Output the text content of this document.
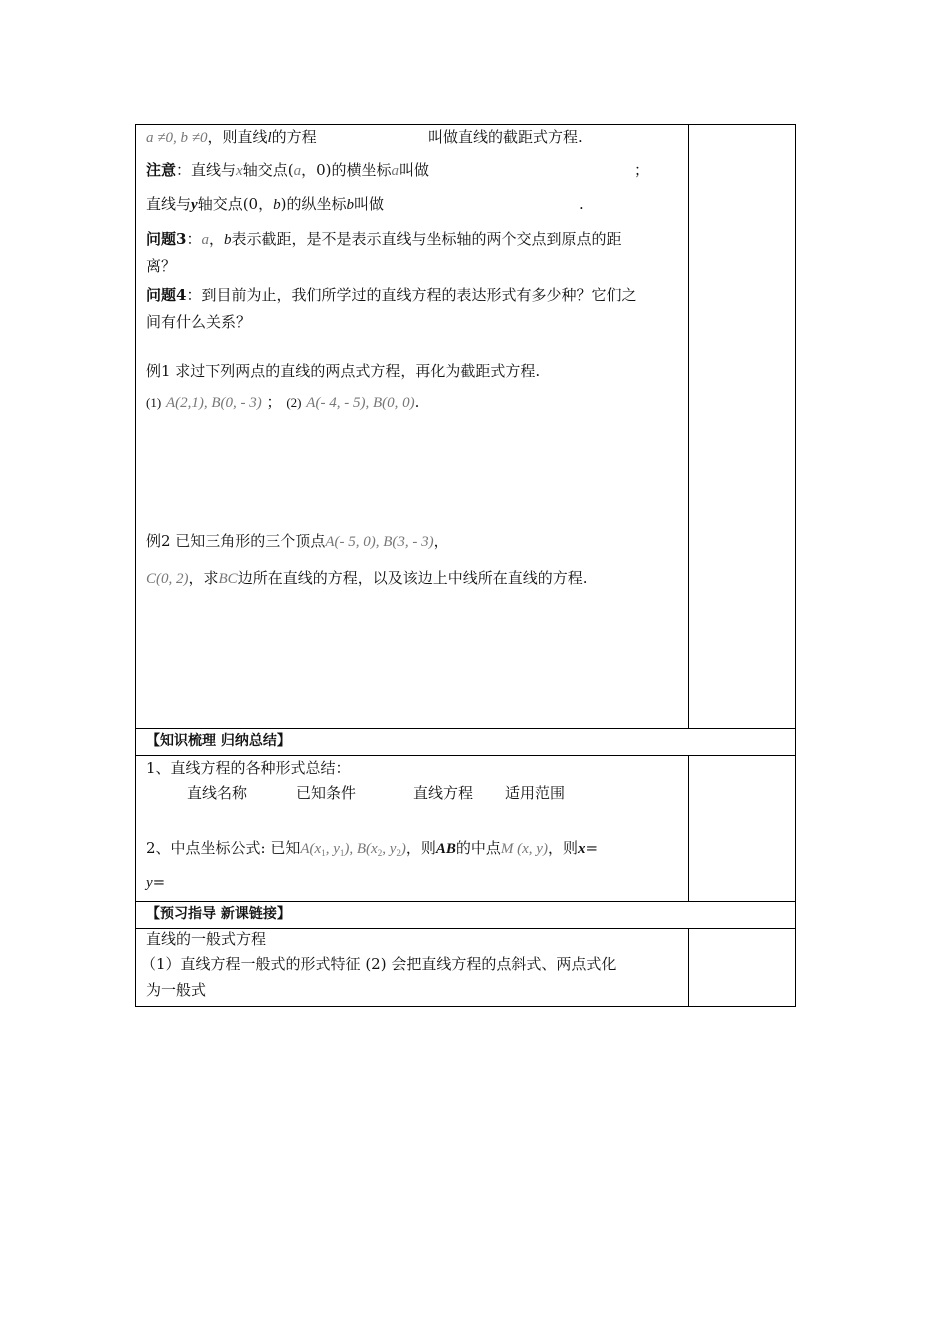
a ≠0, b ≠0，则直线l的方程	叫做直线的截距式方程.
注意：直线与x轴交点(a，0)的横坐标a叫做	；
直线与y轴交点(0，b)的纵坐标b叫做	.
问题3：a，b表示截距，是不是表示直线与坐标轴的两个交点到原点的距
离？
问题4：到目前为止，我们所学过的直线方程的表达形式有多少种？它们之
间有什么关系？
例1 求过下列两点的直线的两点式方程，再化为截距式方程.
(1) A(2,1), B(0, - 3) ； (2) A(- 4, - 5), B(0, 0).
例2 已知三角形的三个顶点A(- 5, 0), B(3, - 3)，
C(0, 2)，求BC边所在直线的方程，以及该边上中线所在直线的方程.
【知识梳理 归纳总结】
1、直线方程的各种形式总结：
直线名称	已知条件	直线方程 适用范围
2、中点坐标公式: 已知$A(x_1$, $y_1$), $B(x_2$, $y_2$)，则AB的中点M (x, y)，则x=
y=
【预习指导 新课链接】
直线的一般式方程
（1）直线方程一般式的形式特征 (2) 会把直线方程的点斜式、两点式化
为一般式
